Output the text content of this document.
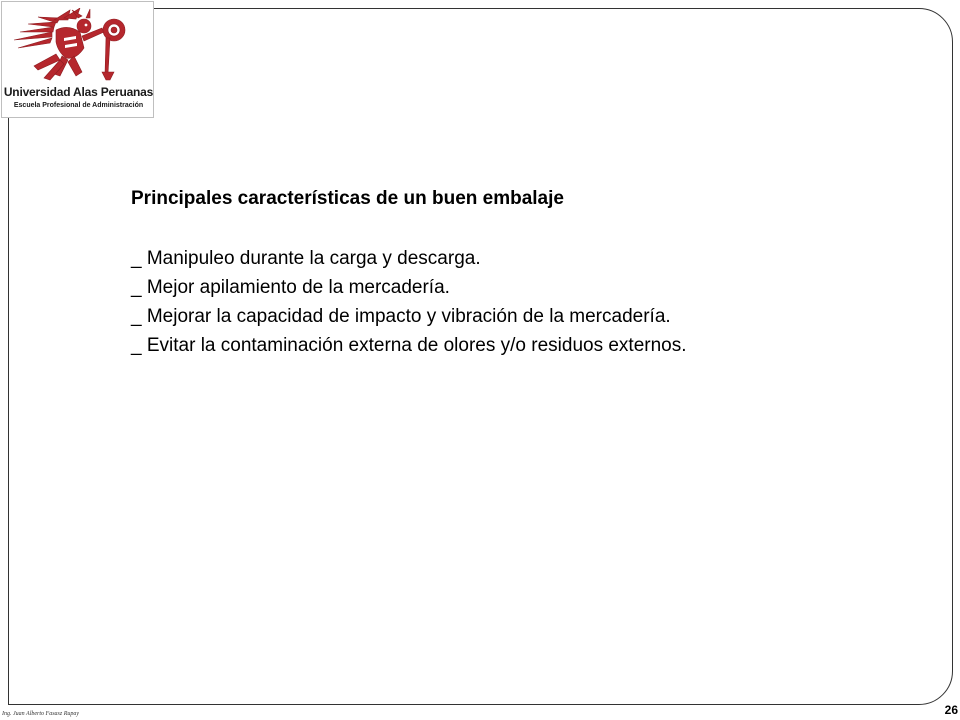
Universidad Alas Peruanas
Escuela Profesional de Administración
Principales características de un buen embalaje
_ Manipuleo durante la carga y descarga.
_ Mejor apilamiento de la mercadería.
_ Mejorar la capacidad de impacto y vibración de la mercadería.
_ Evitar la contaminación externa de olores y/o residuos externos.
Ing. Juan Alberto Fasasz Rupay	26
